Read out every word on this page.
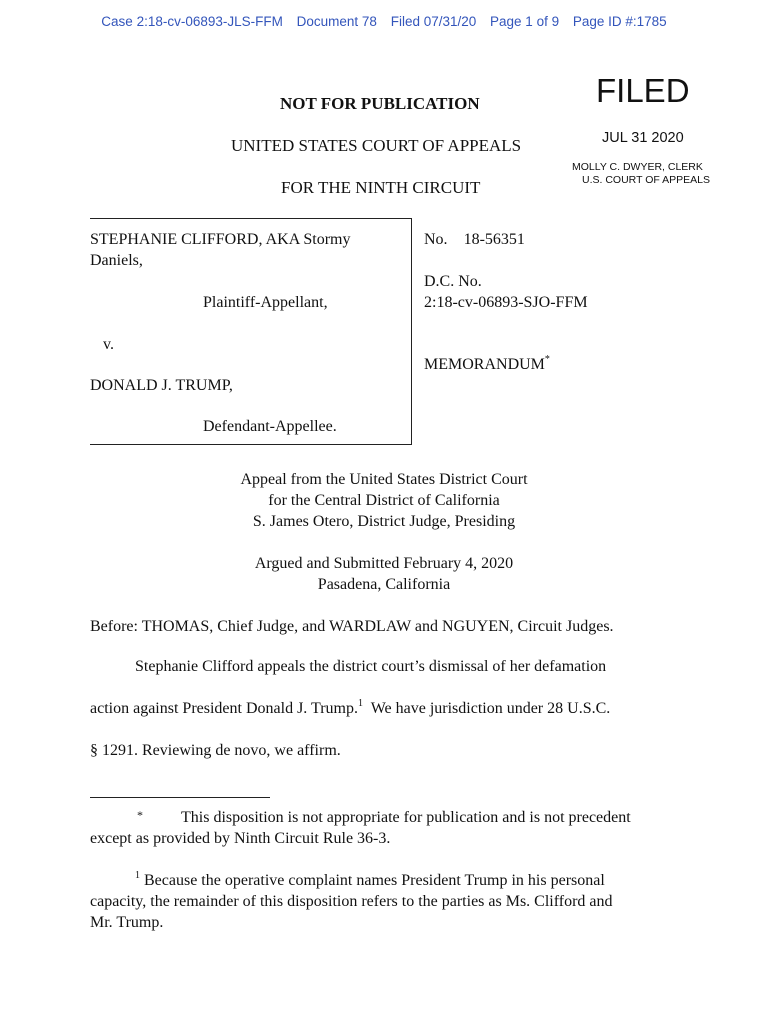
Case 2:18-cv-06893-JLS-FFM Document 78 Filed 07/31/20 Page 1 of 9 Page ID #:1785
FILED
JUL 31 2020
MOLLY C. DWYER, CLERK
U.S. COURT OF APPEALS
NOT FOR PUBLICATION
UNITED STATES COURT OF APPEALS
FOR THE NINTH CIRCUIT
STEPHANIE CLIFFORD, AKA Stormy
Daniels,
Plaintiff-Appellant,
v.
DONALD J. TRUMP,
Defendant-Appellee.
No. 18-56351
D.C. No.
2:18-cv-06893-SJO-FFM
MEMORANDUM*
Appeal from the United States District Court
for the Central District of California
S. James Otero, District Judge, Presiding
Argued and Submitted February 4, 2020
Pasadena, California
Before: THOMAS, Chief Judge, and WARDLAW and NGUYEN, Circuit Judges.
Stephanie Clifford appeals the district court’s dismissal of her defamation
action against President Donald J. Trump.$^1$  We have jurisdiction under 28 U.S.C.
§ 1291. Reviewing de novo, we affirm.
* This disposition is not appropriate for publication and is not precedent
except as provided by Ninth Circuit Rule 36-3.
$^1$ Because the operative complaint names President Trump in his personal
capacity, the remainder of this disposition refers to the parties as Ms. Clifford and
Mr. Trump.
